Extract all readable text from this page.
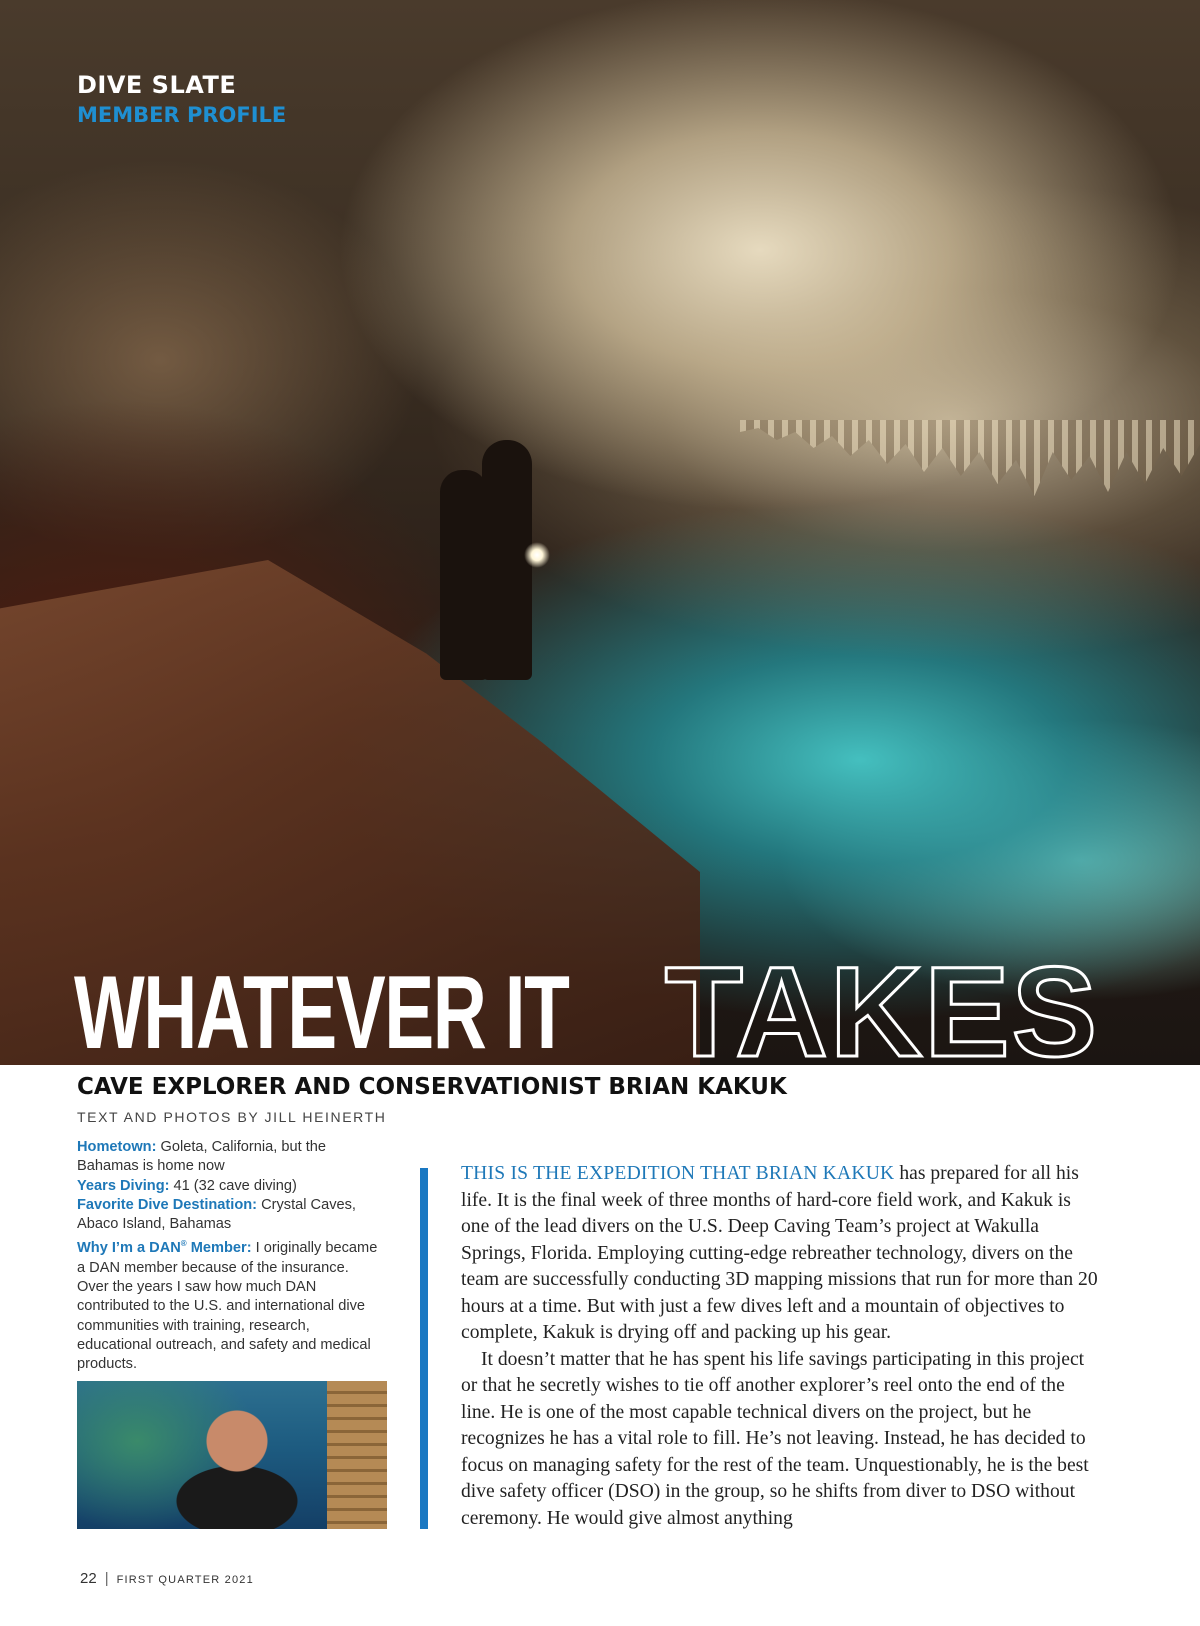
DIVE SLATE
MEMBER PROFILE
WHATEVER IT TAKES
CAVE EXPLORER AND CONSERVATIONIST BRIAN KAKUK
TEXT AND PHOTOS BY JILL HEINERTH

Hometown: Goleta, California, but the Bahamas is home now

Years Diving: 41 (32 cave diving)

Favorite Dive Destination: Crystal Caves, Abaco Island, Bahamas

Why I’m a DAN® Member: I originally became a DAN member because of the insurance. Over the years I saw how much DAN contributed to the U.S. and international dive communities with training, research, educational outreach, and safety and medical products.

THIS IS THE EXPEDITION THAT BRIAN KAKUK has prepared for all his life. It is the final week of three months of hard-core field work, and Kakuk is one of the lead divers on the U.S. Deep Caving Team’s project at Wakulla Springs, Florida. Employing cutting-edge rebreather technology, divers on the team are successfully conducting 3D mapping missions that run for more than 20 hours at a time. But with just a few dives left and a mountain of objectives to complete, Kakuk is drying off and packing up his gear.

It doesn’t matter that he has spent his life savings participating in this project or that he secretly wishes to tie off another explorer’s reel onto the end of the line. He is one of the most capable technical divers on the project, but he recognizes he has a vital role to fill. He’s not leaving. Instead, he has decided to focus on managing safety for the rest of the team. Unquestionably, he is the best dive safety officer (DSO) in the group, so he shifts from diver to DSO without ceremony. He would give almost anything

22 | FIRST QUARTER 2021
